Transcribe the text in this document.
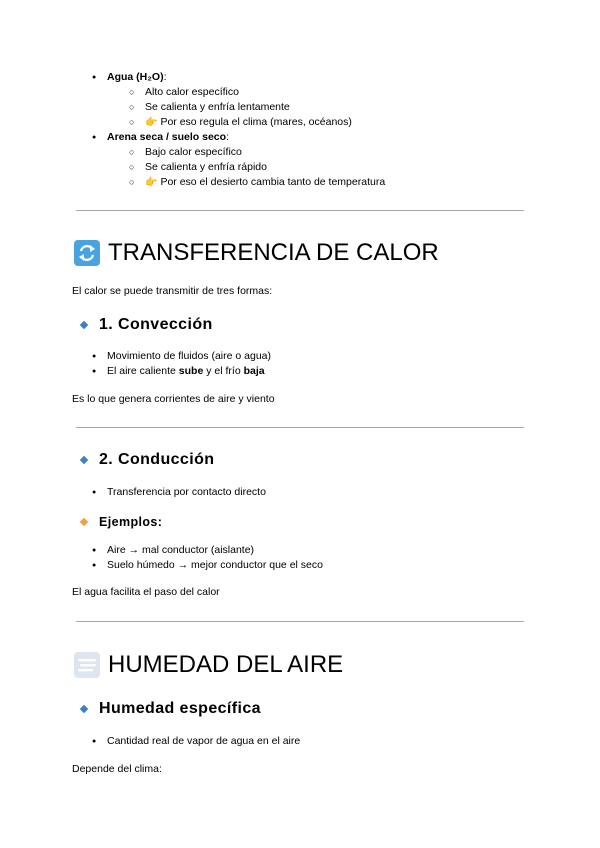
● Agua (H₂O):
○ Alto calor específico
○ Se calienta y enfría lentamente
○ 👉 Por eso regula el clima (mares, océanos)
● Arena seca / suelo seco:
○ Bajo calor específico
○ Se calienta y enfría rápido
○ 👉 Por eso el desierto cambia tanto de temperatura
TRANSFERENCIA DE CALOR

El calor se puede transmitir de tres formas:

1. Convección
● Movimiento de fluidos (aire o agua)
● El aire caliente sube y el frío baja

Es lo que genera corrientes de aire y viento

2. Conducción
● Transferencia por contacto directo
Ejemplos:
● Aire → mal conductor (aislante)
● Suelo húmedo → mejor conductor que el seco

El agua facilita el paso del calor

HUMEDAD DEL AIRE
Humedad específica
● Cantidad real de vapor de agua en el aire

Depende del clima:
